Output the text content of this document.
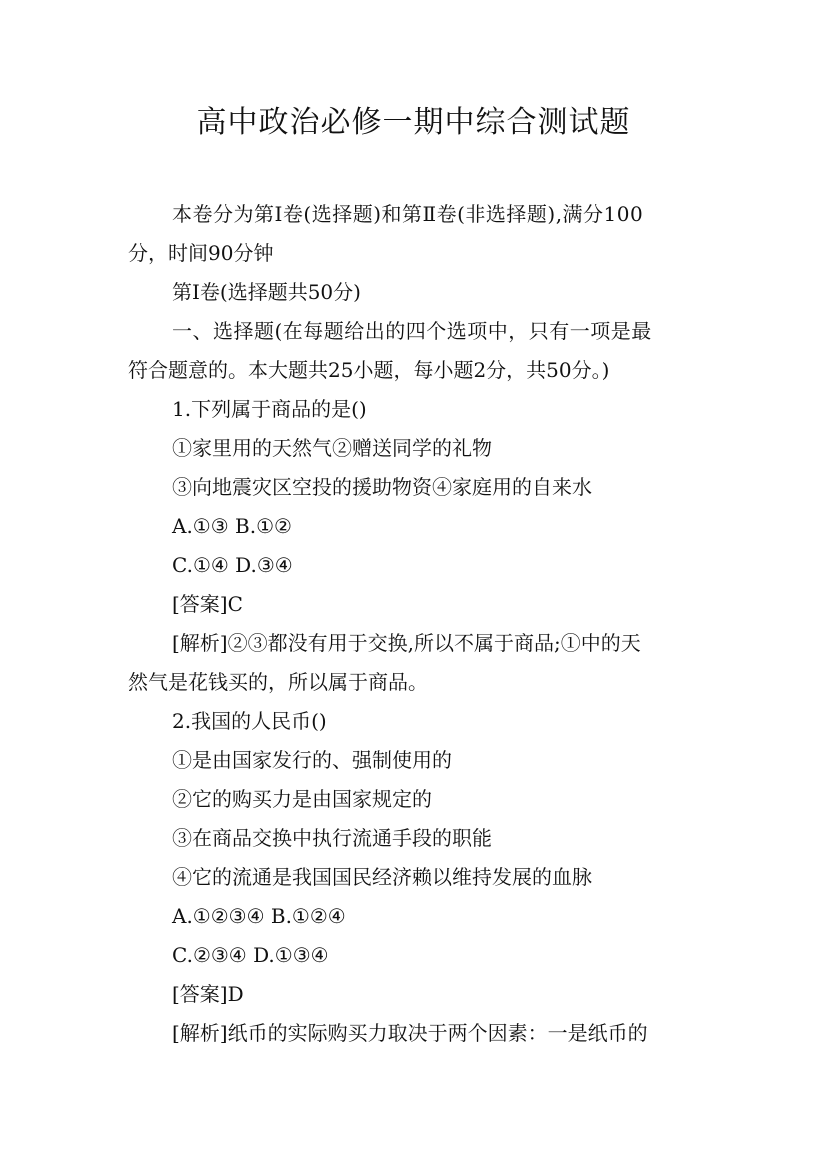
高中政治必修一期中综合测试题

本卷分为第Ⅰ卷(选择题)和第Ⅱ卷(非选择题),满分100

分，时间90分钟

第Ⅰ卷(选择题共50分)

一、选择题(在每题给出的四个选项中，只有一项是最

符合题意的。本大题共25小题，每小题2分，共50分。)

1.下列属于商品的是()

①家里用的天然气②赠送同学的礼物

③向地震灾区空投的援助物资④家庭用的自来水

A.①③ B.①②

C.①④ D.③④

[答案]C

[解析]②③都没有用于交换,所以不属于商品;①中的天

然气是花钱买的，所以属于商品。

2.我国的人民币()

①是由国家发行的、强制使用的

②它的购买力是由国家规定的

③在商品交换中执行流通手段的职能

④它的流通是我国国民经济赖以维持发展的血脉

A.①②③④ B.①②④

C.②③④ D.①③④

[答案]D

[解析]纸币的实际购买力取决于两个因素：一是纸币的
